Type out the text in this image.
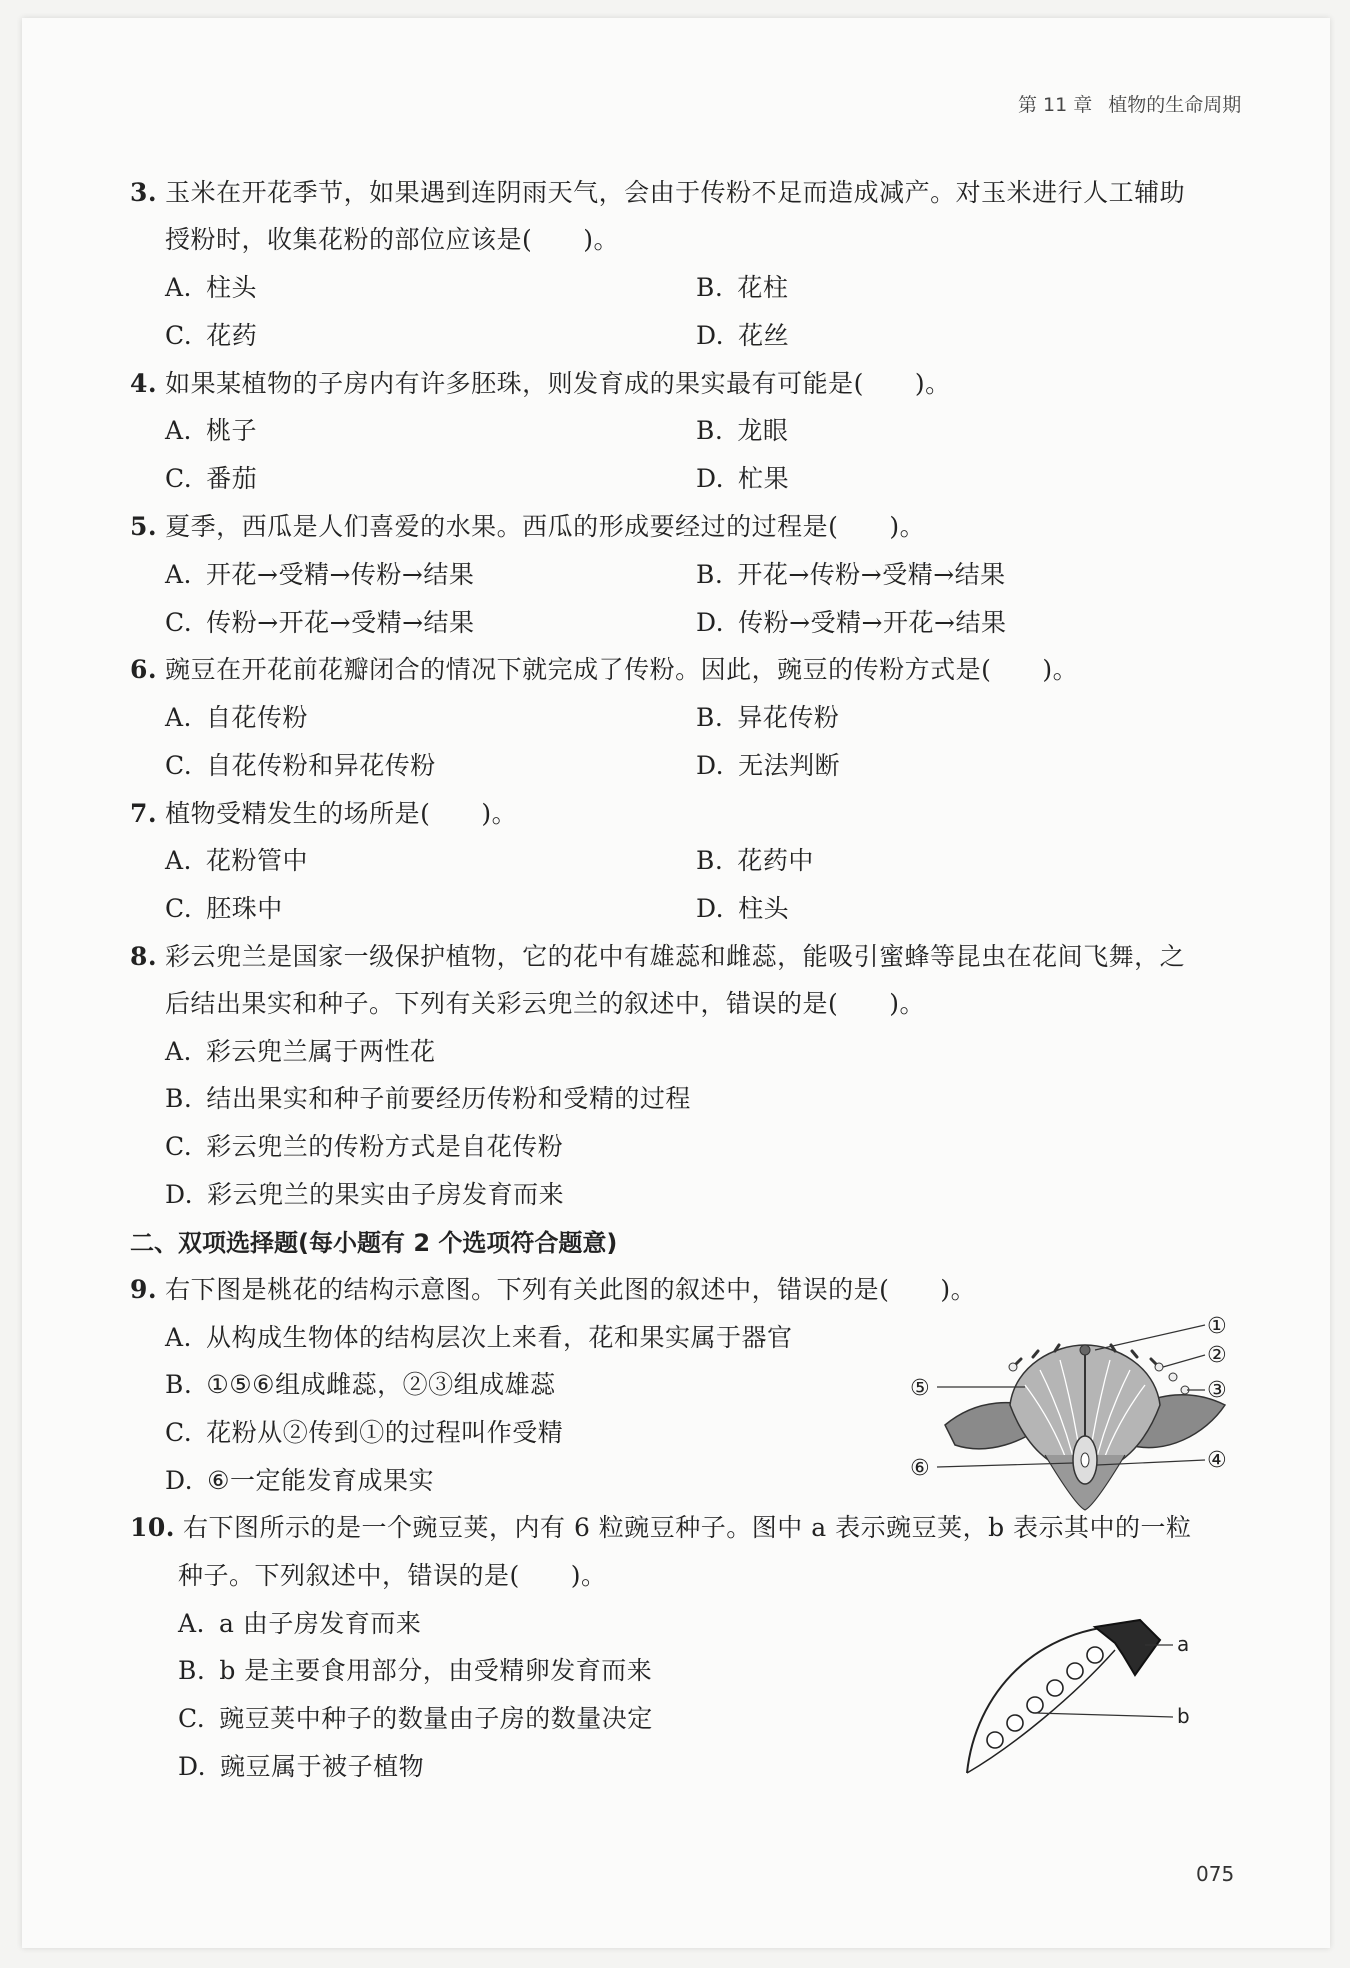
第 11 章 植物的生命周期
3. 玉米在开花季节，如果遇到连阴雨天气，会由于传粉不足而造成减产。对玉米进行人工辅助
授粉时，收集花粉的部位应该是(　　)。
A. 柱头	B. 花柱
C. 花药	D. 花丝
4. 如果某植物的子房内有许多胚珠，则发育成的果实最有可能是(　　)。
A. 桃子	B. 龙眼
C. 番茄	D. 杧果
5. 夏季，西瓜是人们喜爱的水果。西瓜的形成要经过的过程是(　　)。
A. 开花→受精→传粉→结果	B. 开花→传粉→受精→结果
C. 传粉→开花→受精→结果	D. 传粉→受精→开花→结果
6. 豌豆在开花前花瓣闭合的情况下就完成了传粉。因此，豌豆的传粉方式是(　　)。
A. 自花传粉	B. 异花传粉
C. 自花传粉和异花传粉	D. 无法判断
7. 植物受精发生的场所是(　　)。
A. 花粉管中	B. 花药中
C. 胚珠中	D. 柱头
8. 彩云兜兰是国家一级保护植物，它的花中有雄蕊和雌蕊，能吸引蜜蜂等昆虫在花间飞舞，之
后结出果实和种子。下列有关彩云兜兰的叙述中，错误的是(　　)。
A. 彩云兜兰属于两性花
B. 结出果实和种子前要经历传粉和受精的过程
C. 彩云兜兰的传粉方式是自花传粉
D. 彩云兜兰的果实由子房发育而来
二、双项选择题(每小题有 2 个选项符合题意)
9. 右下图是桃花的结构示意图。下列有关此图的叙述中，错误的是(　　)。
A. 从构成生物体的结构层次上来看，花和果实属于器官
B. ①⑤⑥组成雌蕊，②③组成雄蕊
C. 花粉从②传到①的过程叫作受精
D. ⑥一定能发育成果实
①
②
③
④
⑤
⑥
10. 右下图所示的是一个豌豆荚，内有 6 粒豌豆种子。图中 a 表示豌豆荚，b 表示其中的一粒
种子。下列叙述中，错误的是(　　)。
A. a 由子房发育而来
B. b 是主要食用部分，由受精卵发育而来
C. 豌豆荚中种子的数量由子房的数量决定
D. 豌豆属于被子植物
a
b
075
